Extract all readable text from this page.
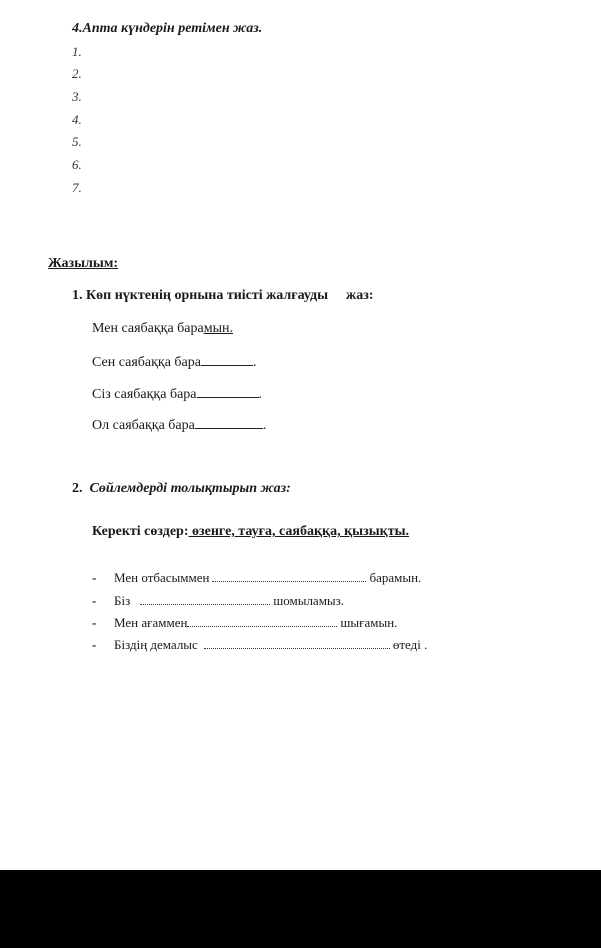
4.Апта күндерін ретімен жаз.
1.
2.
3.
4.
5.
6.
7.
Жазылым:
1. Көп нүктенің орнына тиісті жалғауды жаз:
Мен саябаққа барамын.
Сен саябаққа бара	.
Сіз саябаққа бара	.
Ол саябаққа бара	.
2. Сөйлемдерді толықтырып жаз:
Керекті сөздер: өзенге, тауға, саябаққа, қызықты.
- Мен отбасыммен	барамын.
- Біз	шомыламыз.
- Мен ағаммен	шығамын.
- Біздің демалыс	өтеді .
